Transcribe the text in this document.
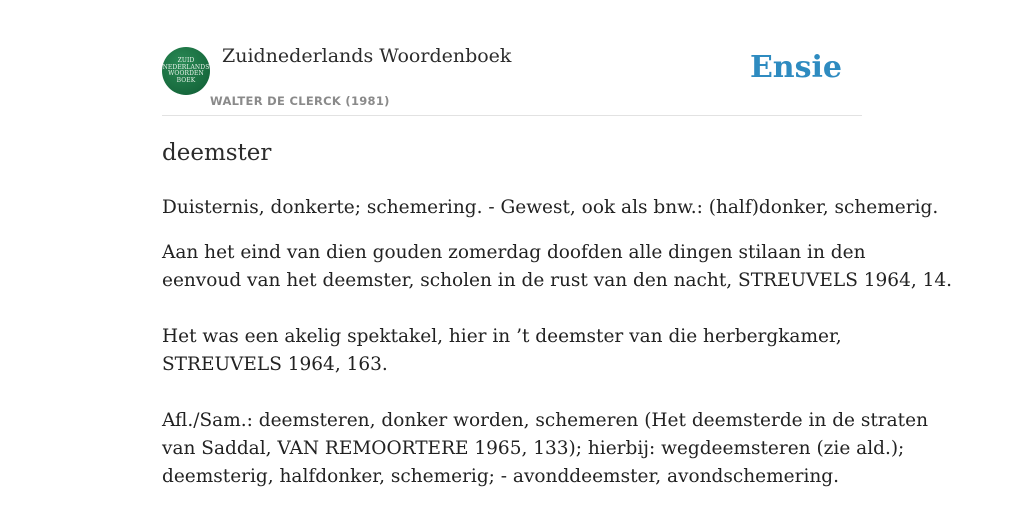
ZUID
NEDERLANDS
WOORDEN
BOEK
Zuidnederlands Woordenboek
WALTER DE CLERCK (1981)
Ensie
deemster
Duisternis, donkerte; schemering. - Gewest, ook als bnw.: (half)donker, schemerig.
Aan het eind van dien gouden zomerdag doofden alle dingen stilaan in den
eenvoud van het deemster, scholen in de rust van den nacht, STREUVELS 1964, 14.
Het was een akelig spektakel, hier in ’t deemster van die herbergkamer,
STREUVELS 1964, 163.
Afl./Sam.: deemsteren, donker worden, schemeren (Het deemsterde in de straten
van Saddal, VAN REMOORTERE 1965, 133); hierbij: wegdeemsteren (zie ald.);
deemsterig, halfdonker, schemerig; - avonddeemster, avondschemering.
